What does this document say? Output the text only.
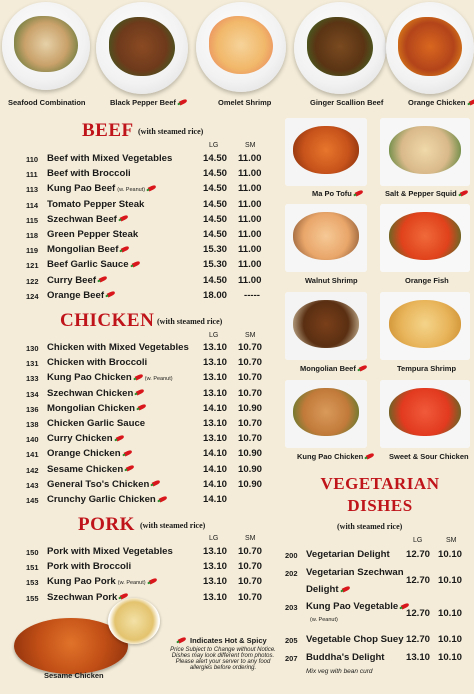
Seafood Combination	Black Pepper Beef	Omelet Shrimp	Ginger Scallion Beef	Orange Chicken
BEEF (with steamed rice)
LG	SM
110 Beef with Mixed Vegetables	14.50 11.00
111 Beef with Broccoli	14.50 11.00
113 Kung Pao Beef (w. Peanut)	14.50 11.00
114 Tomato Pepper Steak	14.50 11.00
115 Szechwan Beef	14.50 11.00
118 Green Pepper Steak	14.50 11.00
119 Mongolian Beef	15.30 11.00
121 Beef Garlic Sauce	15.30 11.00
122 Curry Beef	14.50 11.00
124 Orange Beef	18.00 -----
CHICKEN (with steamed rice)
LG	SM
130 Chicken with Mixed Vegetables 13.10 10.70
131 Chicken with Broccoli	13.10 10.70
133 Kung Pao Chicken (w. Peanut)	13.10 10.70
134 Szechwan Chicken	13.10 10.70
136 Mongolian Chicken	14.10 10.90
138 Chicken Garlic Sauce	13.10 10.70
140 Curry Chicken	13.10 10.70
141 Orange Chicken	14.10 10.90
142 Sesame Chicken	14.10 10.90
143 General Tso's Chicken	14.10 10.90
145 Crunchy Garlic Chicken	14.10
PORK (with steamed rice)
LG	SM
150 Pork with Mixed Vegetables	13.10 10.70
151 Pork with Broccoli	13.10 10.70
153 Kung Pao Pork (w. Peanut)	13.10 10.70
155 Szechwan Pork	13.10 10.70
Sesame Chicken
Indicates Hot & Spicy
Price Subject to Change without Notice.
Dishes may look different from photos.
Please alert your server to any food
allergies before ordering.
Ma Po Tofu	Salt & Pepper Squid
Walnut Shrimp	Orange Fish
Mongolian Beef	Tempura Shrimp
Kung Pao Chicken	Sweet & Sour Chicken
VEGETARIAN
DISHES
(with steamed rice)
LG	SM
200 Vegetarian Delight 12.70 10.10
202 Vegetarian Szechwan
12.70 10.10
Delight
203 Kung Pao Vegetable
12.70 10.10
(w. Peanut)
205 Vegetable Chop Suey 12.70 10.10
207 Buddha's Delight 13.10 10.10
Mix veg with bean curd
